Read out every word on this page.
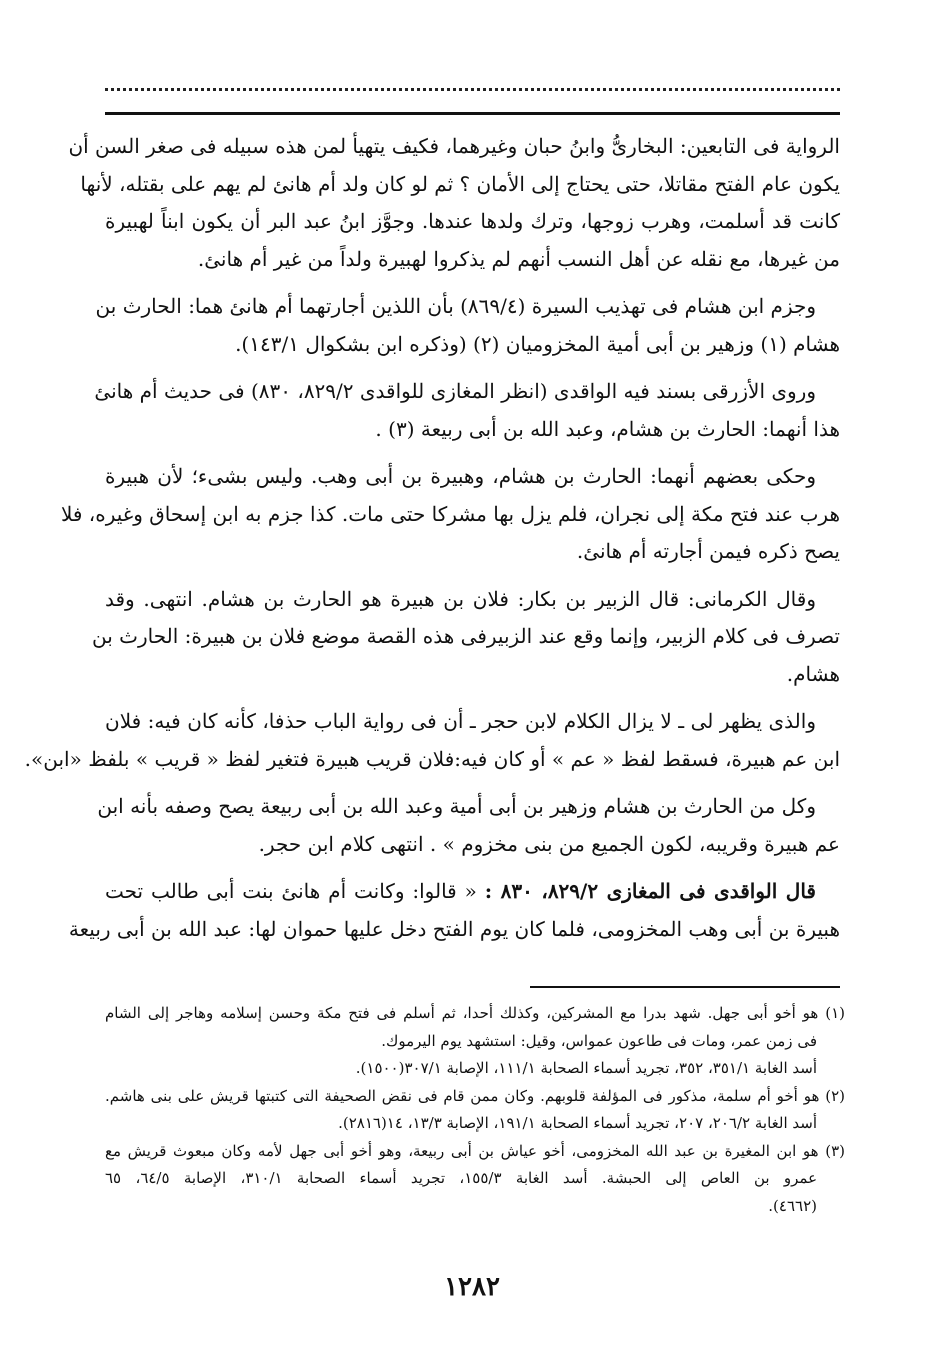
الرواية فى التابعين: البخارىُّ وابنُ حبان وغيرهما، فكيف يتهيأ لمن هذه سبيله فى صغر السن أن
يكون عام الفتح مقاتلا، حتى يحتاج إلى الأمان ؟ ثم لو كان ولد أم هانئ لم يهم على بقتله، لأنها
كانت قد أسلمت، وهرب زوجها، وترك ولدها عندها. وجوَّز ابنُ عبد البر أن يكون ابناً لهبيرة
من غيرها، مع نقله عن أهل النسب أنهم لم يذكروا لهبيرة ولداً من غير أم هانئ.
وجزم ابن هشام فى تهذيب السيرة (٨٦٩/٤) بأن اللذين أجارتهما أم هانئ هما: الحارث بن
هشام (١) وزهير بن أبى أمية المخزوميان (٢) (وذكره ابن بشكوال ١٤٣/١).
وروى الأزرقى بسند فيه الواقدى (انظر المغازى للواقدى ٨٢٩/٢، ٨٣٠) فى حديث أم هانئ
هذا أنهما: الحارث بن هشام، وعبد الله بن أبى ربيعة (٣) .
وحكى بعضهم أنهما: الحارث بن هشام، وهبيرة بن أبى وهب. وليس بشىء؛ لأن هبيرة
هرب عند فتح مكة إلى نجران، فلم يزل بها مشركا حتى مات. كذا جزم به ابن إسحاق وغيره، فلا
يصح ذكره فيمن أجارته أم هانئ.
وقال الكرمانى: قال الزبير بن بكار: فلان بن هبيرة هو الحارث بن هشام. انتهى. وقد
تصرف فى كلام الزبير، وإنما وقع عند الزبيرفى هذه القصة موضع فلان بن هبيرة: الحارث بن
هشام.
والذى يظهر لى ـ لا يزال الكلام لابن حجر ـ أن فى رواية الباب حذفا، كأنه كان فيه: فلان
ابن عم هبيرة، فسقط لفظ « عم » أو كان فيه:فلان قريب هبيرة فتغير لفظ « قريب » بلفظ «ابن».
وكل من الحارث بن هشام وزهير بن أبى أمية وعبد الله بن أبى ربيعة يصح وصفه بأنه ابن
عم هبيرة وقريبه، لكون الجميع من بنى مخزوم » . انتهى كلام ابن حجر.
قال الواقدى فى المغازى ٨٢٩/٢، ٨٣٠ : « قالوا: وكانت أم هانئ بنت أبى طالب تحت
هبيرة بن أبى وهب المخزومى، فلما كان يوم الفتح دخل عليها حموان لها: عبد الله بن أبى ربيعة
(١) هو أخو أبى جهل. شهد بدرا مع المشركين، وكذلك أحدا، ثم أسلم فى فتح مكة وحسن إسلامه وهاجر إلى الشام
فى زمن عمر، ومات فى طاعون عمواس، وقيل: استشهد يوم اليرموك.
أسد الغابة ٣٥١/١، ٣٥٢، تجريد أسماء الصحابة ١١١/١، الإصابة ٣٠٧/١(١٥٠٠).
(٢) هو أخو أم سلمة، مذكور فى المؤلفة قلوبهم. وكان ممن قام فى نقض الصحيفة التى كتبتها قريش على بنى هاشم.
أسد الغابة ٢٠٦/٢، ٢٠٧، تجريد أسماء الصحابة ١٩١/١، الإصابة ١٣/٣، ١٤(٢٨١٦).
(٣) هو ابن المغيرة بن عبد الله المخزومى، أخو عياش بن أبى ربيعة، وهو أخو أبى جهل لأمه وكان مبعوث قريش مع
عمرو بن العاص إلى الحبشة. أسد الغابة ١٥٥/٣، تجريد أسماء الصحابة ٣١٠/١، الإصابة ٦٤/٥، ٦٥
(٤٦٦٢).
١٢٨٢
